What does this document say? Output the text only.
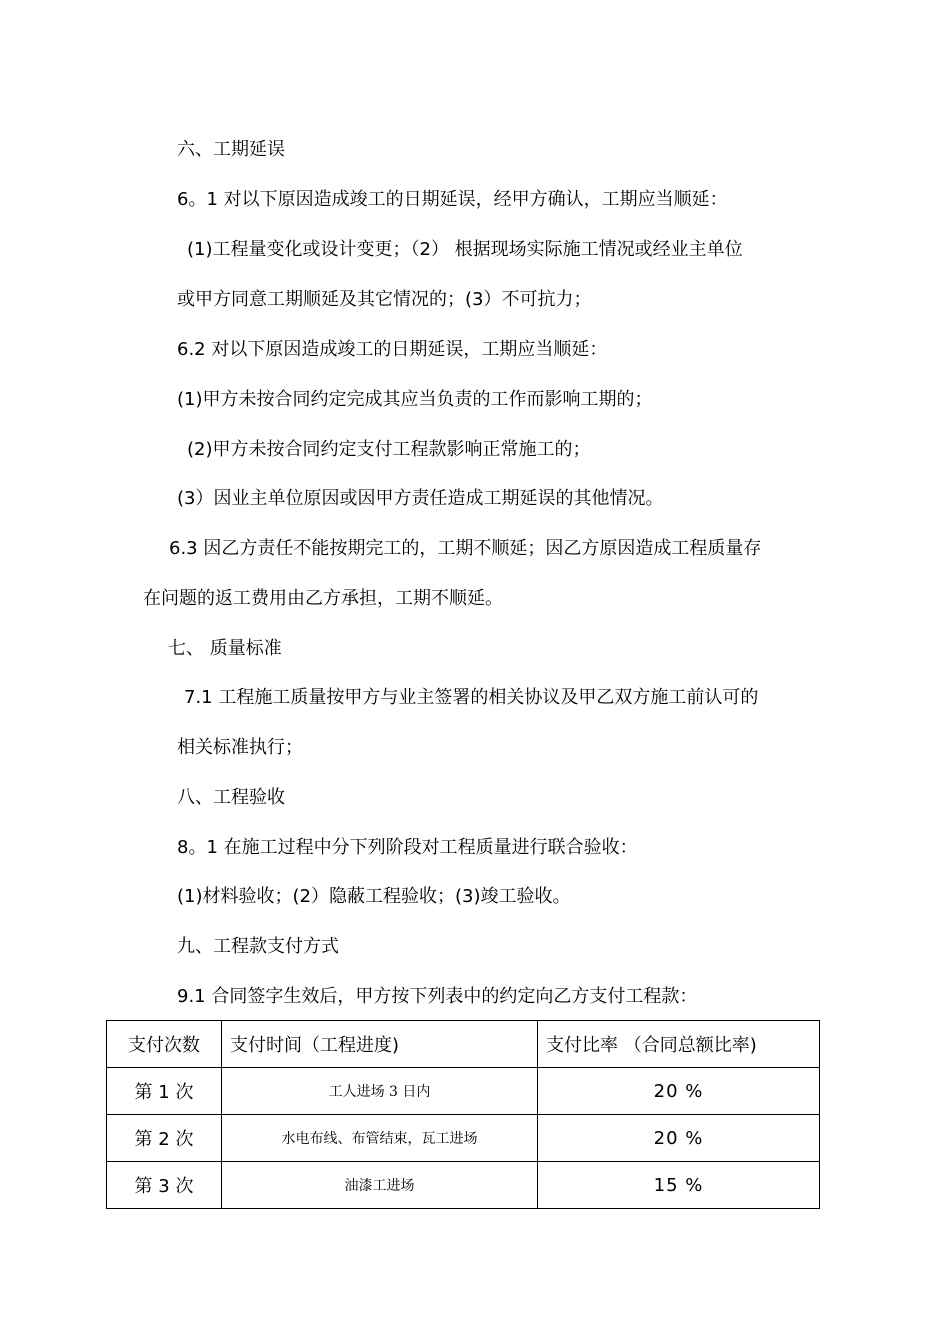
六、工期延误
6。1 对以下原因造成竣工的日期延误，经甲方确认，工期应当顺延：
(1)工程量变化或设计变更；（2） 根据现场实际施工情况或经业主单位
或甲方同意工期顺延及其它情况的；(3）不可抗力；
6.2 对以下原因造成竣工的日期延误，工期应当顺延：
(1)甲方未按合同约定完成其应当负责的工作而影响工期的；
(2)甲方未按合同约定支付工程款影响正常施工的；
(3）因业主单位原因或因甲方责任造成工期延误的其他情况。
6.3 因乙方责任不能按期完工的，工期不顺延；因乙方原因造成工程质量存
在问题的返工费用由乙方承担，工期不顺延。
七、 质量标准
7.1 工程施工质量按甲方与业主签署的相关协议及甲乙双方施工前认可的
相关标准执行；
八、工程验收
8。1 在施工过程中分下列阶段对工程质量进行联合验收：
(1)材料验收；(2）隐蔽工程验收；(3)竣工验收。
九、工程款支付方式
9.1 合同签字生效后，甲方按下列表中的约定向乙方支付工程款：
支付次数	支付时间（工程进度)	支付比率 （合同总额比率)
第 1 次	工人进场 3 日内	20 %
第 2 次	水电布线、布管结束，瓦工进场	20 %
第 3 次	油漆工进场	15 %
